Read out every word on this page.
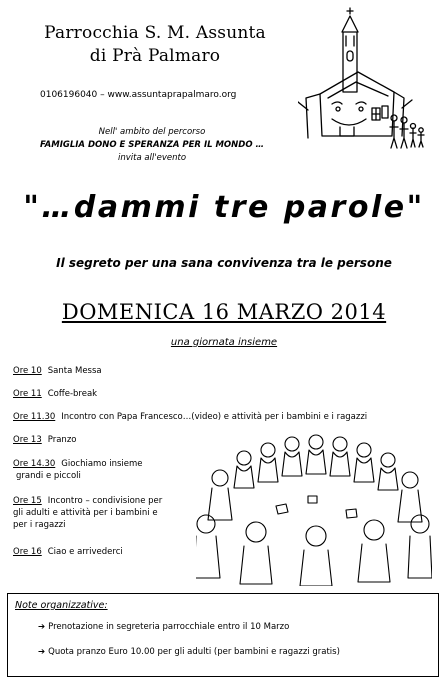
Parrocchia S. M. Assunta
di Prà Palmaro
0106196040 – www.assuntaprapalmaro.org
Nell' ambito del percorso
FAMIGLIA DONO E SPERANZA PER IL MONDO …
invita all'evento
"…dammi tre parole"
Il segreto per una sana convivenza tra le persone
DOMENICA 16 MARZO 2014
una giornata insieme
Ore 10 Santa Messa
Ore 11 Coffe-break
Ore 11.30 Incontro con Papa Francesco…(video) e attività per i bambini e i ragazzi
Ore 13 Pranzo
Ore 14.30 Giochiamo insieme
grandi e piccoli
Ore 15 Incontro – condivisione per
gli adulti e attività per i bambini e
per i ragazzi
Ore 16 Ciao e arrivederci
Note organizzative:
➔ Prenotazione in segreteria parrocchiale entro il 10 Marzo
➔ Quota pranzo Euro 10.00 per gli adulti (per bambini e ragazzi gratis)
